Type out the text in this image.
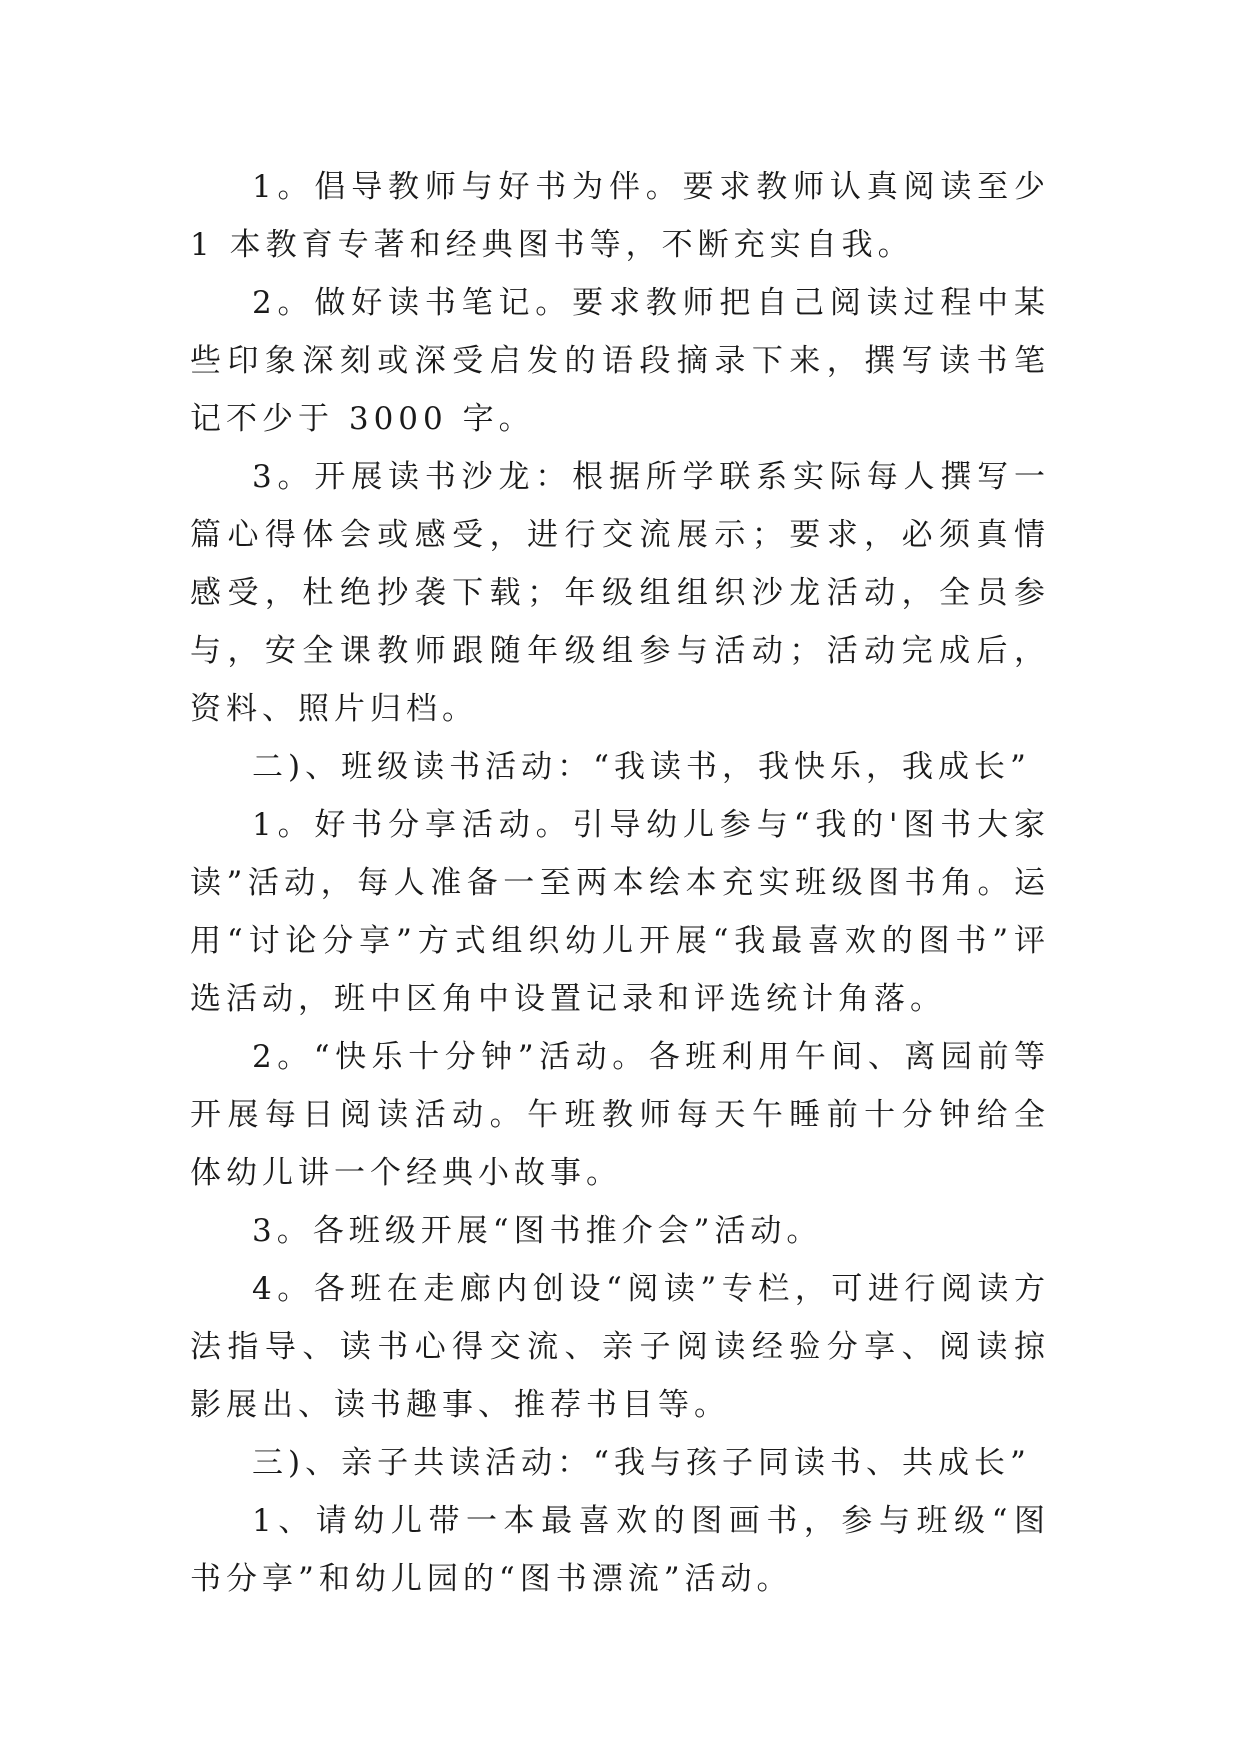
1。倡导教师与好书为伴。要求教师认真阅读至少 1 本教育专著和经典图书等，不断充实自我。

2。做好读书笔记。要求教师把自己阅读过程中某些印象深刻或深受启发的语段摘录下来，撰写读书笔记不少于 3000 字。

3。开展读书沙龙：根据所学联系实际每人撰写一篇心得体会或感受，进行交流展示；要求，必须真情感受，杜绝抄袭下载；年级组组织沙龙活动，全员参与，安全课教师跟随年级组参与活动；活动完成后，资料、照片归档。

二)、班级读书活动：“我读书，我快乐，我成长”

1。好书分享活动。引导幼儿参与“我的'图书大家读”活动，每人准备一至两本绘本充实班级图书角。运用“讨论分享”方式组织幼儿开展“我最喜欢的图书”评选活动，班中区角中设置记录和评选统计角落。

2。“快乐十分钟”活动。各班利用午间、离园前等开展每日阅读活动。午班教师每天午睡前十分钟给全体幼儿讲一个经典小故事。

3。各班级开展“图书推介会”活动。

4。各班在走廊内创设“阅读”专栏，可进行阅读方法指导、读书心得交流、亲子阅读经验分享、阅读掠影展出、读书趣事、推荐书目等。

三)、亲子共读活动：“我与孩子同读书、共成长”

1、请幼儿带一本最喜欢的图画书，参与班级“图书分享”和幼儿园的“图书漂流”活动。
